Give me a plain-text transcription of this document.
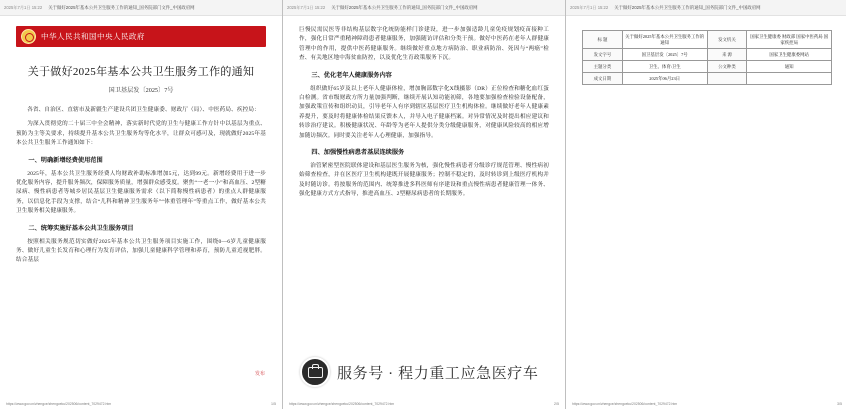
2025年7月1日 15:22 关于做好2025年基本公共卫生服务工作的通知_国务院部门文件_中国政府网
中华人民共和国中央人民政府
关于做好2025年基本公共卫生服务工作的通知
国卫基层发〔2025〕7号

各省、自治区、直辖市及新疆生产建设兵团卫生健康委、财政厅（局）、中医药局、疾控局：

为深入贯彻党的二十届三中全会精神，落实新时代党的卫生与健康工作方针中以基层为重点、预防为主等关要求，持续提升基本公共卫生服务均等化水平，让群众可感可及，现就做好2025年基本公共卫生服务工作通知如下：

一、明确新增经费使用范围

2025年，基本公共卫生服务经费人均财政补助标准增加5元，达到99元。新增经费用于进一步优化服务内容，提升服务频次，保障服务质量，增强群众感受度。聚焦“一老一小”和高血压、2型糖尿病、慢性病患者等城乡居民基层卫生健康服务需求（以下简称慢性病患者）的重点人群健康服务，以信息化手段为支撑，结合“儿科和精神卫生服务年”“体重管理年”等重点工作，做好基本公共卫生服务相关健康服务。

二、统筹实施好基本公共卫生服务项目

按照相关服务规范切实做好2025年基本公共卫生服务项目实施工作，围绕0—6岁儿童健康服务、做好儿童生长发育和心理行为发育评估，加强儿童健康科学管理和养育，预防儿童近视肥胖。结合基层

发布
https://www.gov.cn/zhengce/zhengceku/202506/content_7029472.htm	1/5
2025年7月1日 15:22 关于做好2025年基本公共卫生服务工作的通知_国务院部门文件_中国政府网

巨慢民需民医等非结构基层数字化统防能样门诊建设，进一步加强适龄儿童免疫规划疫苗接种工作，强化日常严重精神障碍患者健康服务，加强随访评估和分类干预。做好中医药在老年人群健康管理中的作用，提供中医药健康服务。继续做好重点地方病防治、职业病防治、死因与“两癌”检查、有关地区地中海贫血防控，以及优化生育政策服务下沉。

三、优化老年人健康服务内容

组织做好65岁及以上老年人健康体检，增加胸部数字化X线摄影（DR）正位检查和糖化血红蛋白检测。省市级财政方所力量加强判断，继续开展认知功能初筛，各地要加强检查检验设备配备，加强政策宣传和组织动员，引导老年人有序到辖区基层医疗卫生机构体检。继续做好老年人健康素养提升，要及时将健康体检结果反馈本人，并导入电子健康档案。对异常情况及时提出相应建议和转诊治疗建议。积极健康状况、年龄等为老年人提供分类分级健康服务，对健康风险较高的相应增加随访频次。同时要关注老年人心理健康，加强指导。

四、加强慢性病患者基层连续服务

治管紧密型医院联体建设和基层医生服务为核，强化慢性病患者分级诊疗规范管理、慢性病初始筛查检查，并在区医疗卫生机构建既开展健康服务；控制不稳定的，及时转诊到上级医疗机构并及时随访诊。将按服务的范围内、统筹推进多科医师有序建设和重点慢性病患者健康管理一体务、强化健康方式方式指导，推进高血压、2型糖尿病患者的长期服务。

https://www.gov.cn/zhengce/zhengceku/202506/content_7029472.htm	2/5
2025年7月1日 15:22 关于做好2025年基本公共卫生服务工作的通知_国务院部门文件_中国政府网
标 题	关于做好2025年基本公共卫生服务工作的通知	发文机关	国家卫生健康委 财政部 国家中医药局 国家疾控局
发文字号	国卫基层发〔2025〕7号	来 源	国家卫生健康委网站
主题分类	卫生、体育\卫生	公文种类	通知
成文日期	2025年06月23日		
https://www.gov.cn/zhengce/zhengceku/202506/content_7029472.htm	3/5
服务号 · 程力重工应急医疗车
